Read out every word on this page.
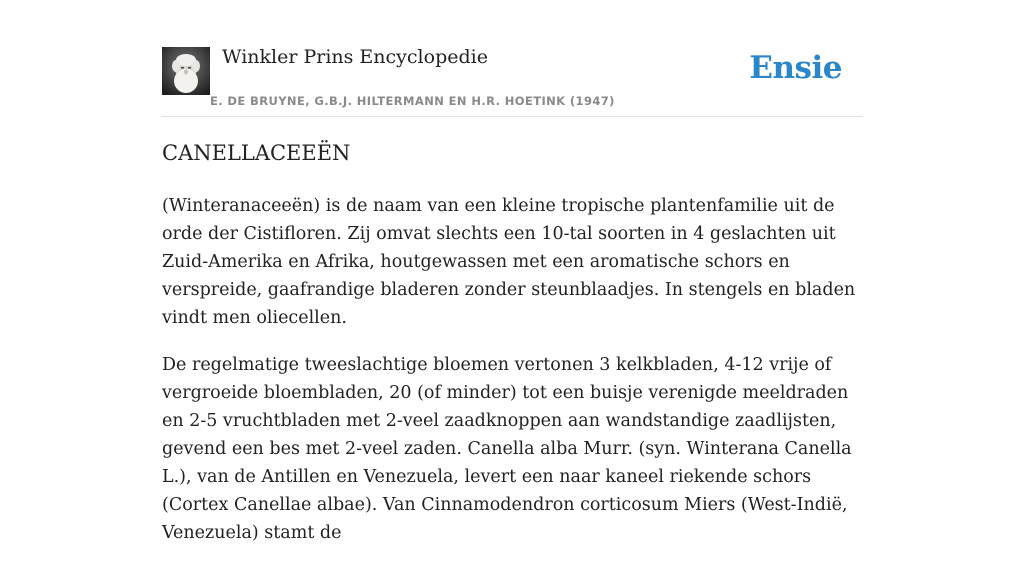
Winkler Prins Encyclopedie
E. DE BRUYNE, G.B.J. HILTERMANN EN H.R. HOETINK (1947)
Ensie
CANELLACEEËN

(Winteranaceeën) is de naam van een kleine tropische plantenfamilie uit de orde der Cistifloren. Zij omvat slechts een 10-tal soorten in 4 geslachten uit Zuid-Amerika en Afrika, houtgewassen met een aromatische schors en verspreide, gaafrandige bladeren zonder steunblaadjes. In stengels en bladen vindt men oliecellen.

De regelmatige tweeslachtige bloemen vertonen 3 kelkbladen, 4-12 vrije of vergroeide bloembladen, 20 (of minder) tot een buisje verenigde meeldraden en 2-5 vruchtbladen met 2-veel zaadknoppen aan wandstandige zaadlijsten, gevend een bes met 2-veel zaden. Canella alba Murr. (syn. Winterana Canella L.), van de Antillen en Venezuela, levert een naar kaneel riekende schors (Cortex Canellae albae). Van Cinnamodendron corticosum Miers (West-Indië, Venezuela) stamt de
